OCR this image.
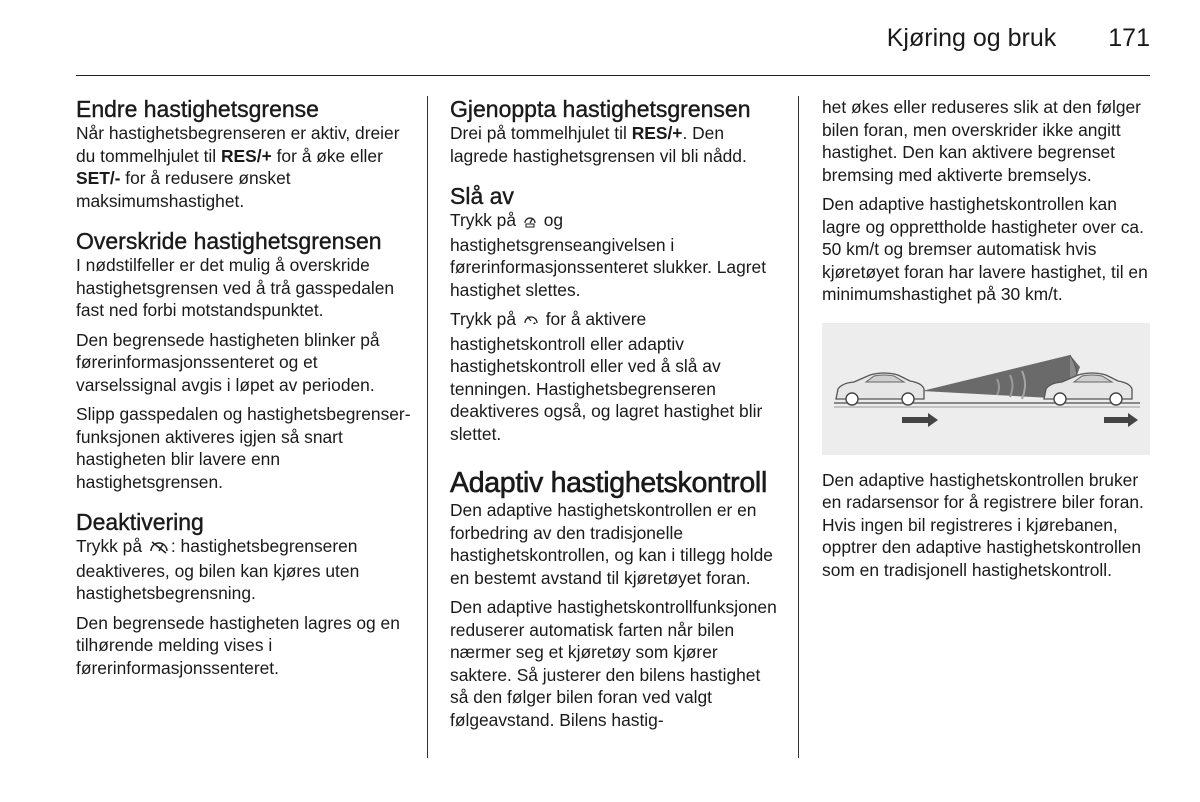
Kjøring og bruk 171
Endre hastighetsgrense

Når hastighetsbegrenseren er aktiv, dreier du tommelhjulet til RES/+ for å øke eller SET/- for å redusere ønsket maksimumshastighet.

Overskride hastighetsgrensen

I nødstilfeller er det mulig å overskride hastighetsgrensen ved å trå gasspedalen fast ned forbi motstandspunktet.

Den begrensede hastigheten blinker på førerinformasjonssenteret og et varselssignal avgis i løpet av perioden.

Slipp gasspedalen og hastighetsbegrenser-funksjonen aktiveres igjen så snart hastigheten blir lavere enn hastighetsgrensen.

Deaktivering

Trykk på : hastighetsbegrenseren deaktiveres, og bilen kan kjøres uten hastighetsbegrensning.

Den begrensede hastigheten lagres og en tilhørende melding vises i førerinformasjonssenteret.

Gjenoppta hastighetsgrensen

Drei på tommelhjulet til RES/+. Den lagrede hastighetsgrensen vil bli nådd.

Slå av

Trykk på  og hastighetsgrenseangivelsen i førerinformasjonssenteret slukker. Lagret hastighet slettes.

Trykk på  for å aktivere hastighetskontroll eller adaptiv hastighetskontroll eller ved å slå av tenningen. Hastighetsbegrenseren deaktiveres også, og lagret hastighet blir slettet.

Adaptiv hastighetskontroll

Den adaptive hastighetskontrollen er en forbedring av den tradisjonelle hastighetskontrollen, og kan i tillegg holde en bestemt avstand til kjøretøyet foran.

Den adaptive hastighetskontrollfunksjonen reduserer automatisk farten når bilen nærmer seg et kjøretøy som kjører saktere. Så justerer den bilens hastighet så den følger bilen foran ved valgt følgeavstand. Bilens hastig-

het økes eller reduseres slik at den følger bilen foran, men overskrider ikke angitt hastighet. Den kan aktivere begrenset bremsing med aktiverte bremselys.

Den adaptive hastighetskontrollen kan lagre og opprettholde hastigheter over ca. 50 km/t og bremser automatisk hvis kjøretøyet foran har lavere hastighet, til en minimumshastighet på 30 km/t.

Den adaptive hastighetskontrollen bruker en radarsensor for å registrere biler foran. Hvis ingen bil registreres i kjørebanen, opptrer den adaptive hastighetskontrollen som en tradisjonell hastighetskontroll.
